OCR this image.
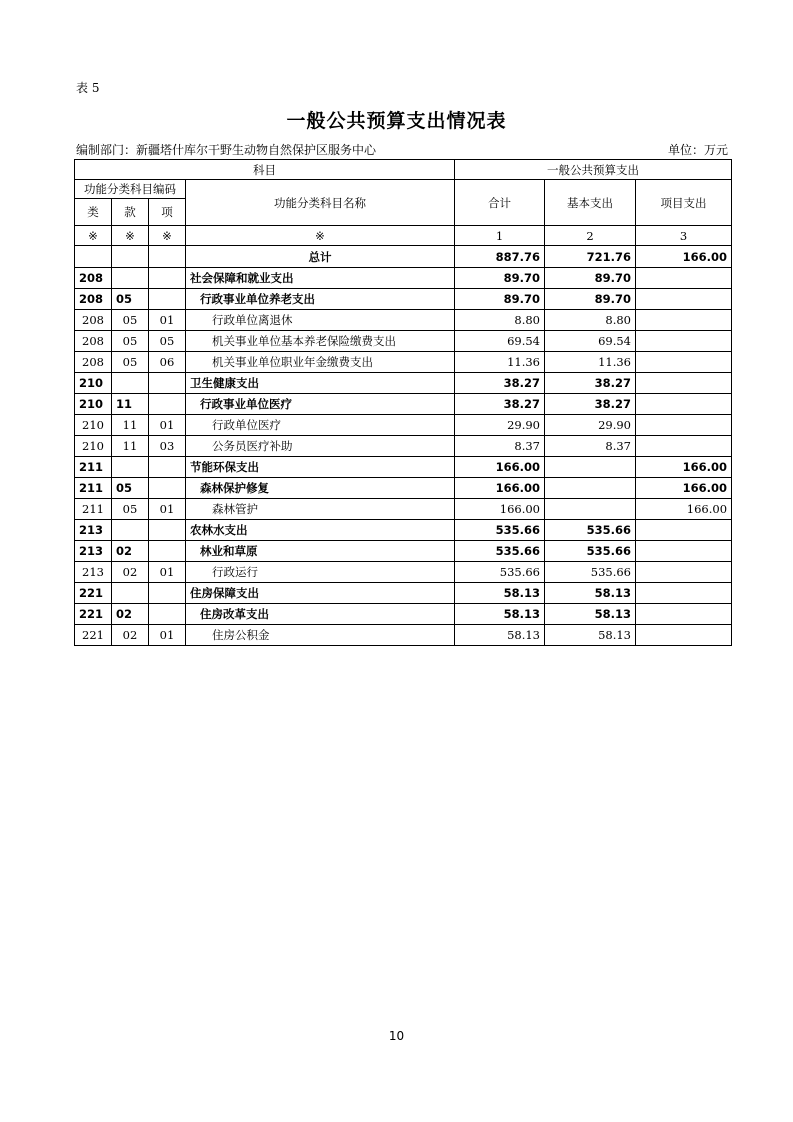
表 5
一般公共预算支出情况表
编制部门：新疆塔什库尔干野生动物自然保护区服务中心	单位：万元
科目				一般公共预算支出		
功能分类科目编码			功能分类科目名称	合计	基本支出	项目支出
类	款	项				
※	※	※	※	1	2	3
			总计	887.76	721.76	166.00
208			社会保障和就业支出	89.70	89.70	
208	05		行政事业单位养老支出	89.70	89.70	
208	05	01	行政单位离退休	8.80	8.80	
208	05	05	机关事业单位基本养老保险缴费支出	69.54	69.54	
208	05	06	机关事业单位职业年金缴费支出	11.36	11.36	
210			卫生健康支出	38.27	38.27	
210	11		行政事业单位医疗	38.27	38.27	
210	11	01	行政单位医疗	29.90	29.90	
210	11	03	公务员医疗补助	8.37	8.37	
211			节能环保支出	166.00		166.00
211	05		森林保护修复	166.00		166.00
211	05	01	森林管护	166.00		166.00
213			农林水支出	535.66	535.66	
213	02		林业和草原	535.66	535.66	
213	02	01	行政运行	535.66	535.66	
221			住房保障支出	58.13	58.13	
221	02		住房改革支出	58.13	58.13	
221	02	01	住房公积金	58.13	58.13	
10
